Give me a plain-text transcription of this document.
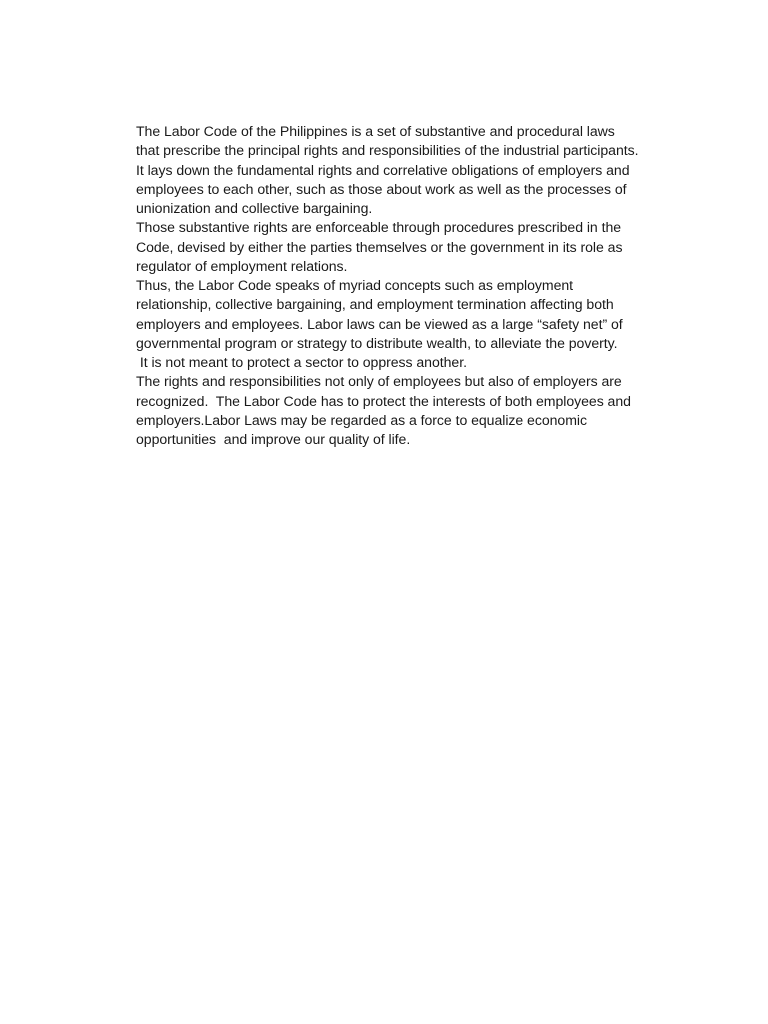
The Labor Code of the Philippines is a set of substantive and procedural laws
that prescribe the principal rights and responsibilities of the industrial participants.
It lays down the fundamental rights and correlative obligations of employers and
employees to each other, such as those about work as well as the processes of
unionization and collective bargaining.
Those substantive rights are enforceable through procedures prescribed in the
Code, devised by either the parties themselves or the government in its role as
regulator of employment relations.
Thus, the Labor Code speaks of myriad concepts such as employment
relationship, collective bargaining, and employment termination affecting both
employers and employees. Labor laws can be viewed as a large “safety net” of
governmental program or strategy to distribute wealth, to alleviate the poverty.
It is not meant to protect a sector to oppress another.
The rights and responsibilities not only of employees but also of employers are
recognized.  The Labor Code has to protect the interests of both employees and
employers.Labor Laws may be regarded as a force to equalize economic
opportunities  and improve our quality of life.
